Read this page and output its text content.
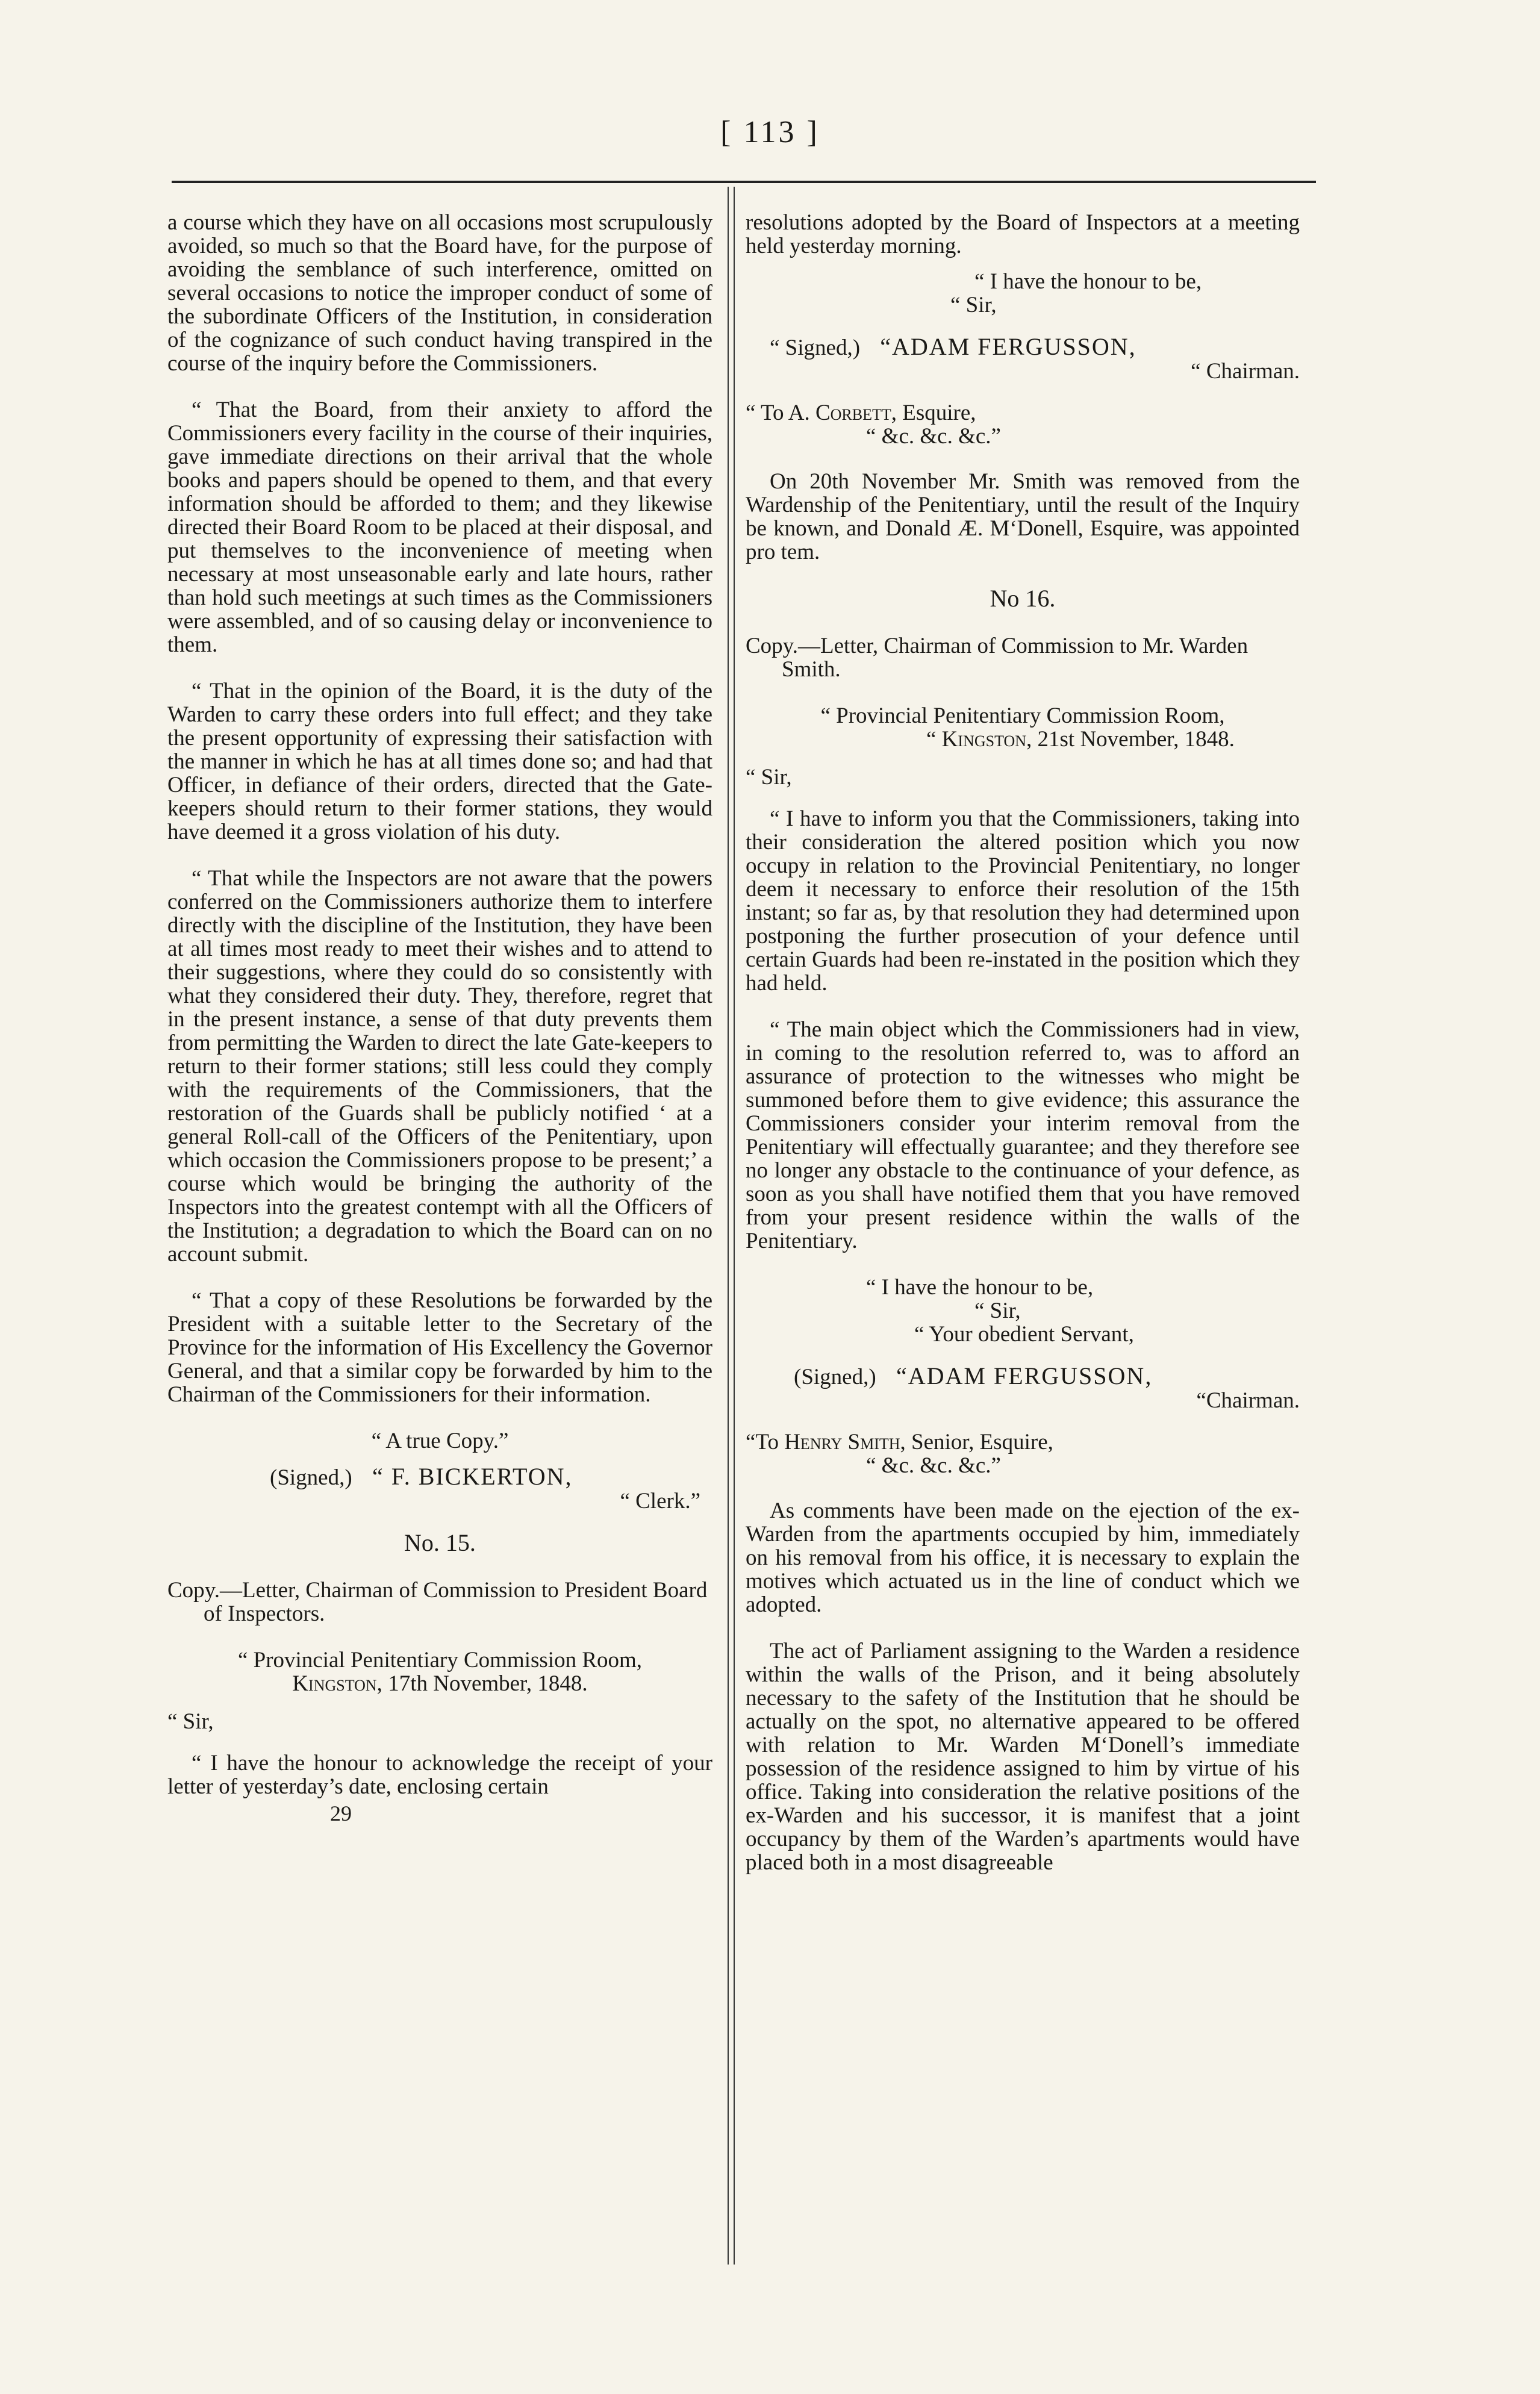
[ 113 ]

a course which they have on all occasions most scrupulously avoided, so much so that the Board have, for the purpose of avoiding the semblance of such interference, omitted on several occasions to notice the improper conduct of some of the subordinate Officers of the Institution, in consideration of the cognizance of such conduct having transpired in the course of the inquiry before the Commissioners.

“ That the Board, from their anxiety to afford the Commissioners every facility in the course of their inquiries, gave immediate directions on their arrival that the whole books and papers should be opened to them, and that every information should be afforded to them; and they likewise directed their Board Room to be placed at their disposal, and put themselves to the inconvenience of meeting when necessary at most unseasonable early and late hours, rather than hold such meetings at such times as the Commissioners were assembled, and of so causing delay or inconvenience to them.

“ That in the opinion of the Board, it is the duty of the Warden to carry these orders into full effect; and they take the present opportunity of expressing their satisfaction with the manner in which he has at all times done so; and had that Officer, in defiance of their orders, directed that the Gate-keepers should return to their former stations, they would have deemed it a gross violation of his duty.

“ That while the Inspectors are not aware that the powers conferred on the Commissioners authorize them to interfere directly with the discipline of the Institution, they have been at all times most ready to meet their wishes and to attend to their suggestions, where they could do so consistently with what they considered their duty. They, therefore, regret that in the present instance, a sense of that duty prevents them from permitting the Warden to direct the late Gate-keepers to return to their former stations; still less could they comply with the requirements of the Commissioners, that the restoration of the Guards shall be publicly notified ‘ at a general Roll-call of the Officers of the Penitentiary, upon which occasion the Commissioners propose to be present;’ a course which would be bringing the authority of the Inspectors into the greatest contempt with all the Officers of the Institution; a degradation to which the Board can on no account submit.

“ That a copy of these Resolutions be forwarded by the President with a suitable letter to the Secretary of the Province for the information of His Excellency the Governor General, and that a similar copy be forwarded by him to the Chairman of the Commissioners for their information.

“ A true Copy.”
(Signed,) “ F. BICKERTON,
“ Clerk.”
No. 15.

Copy.—Letter, Chairman of Commission to President Board of Inspectors.

“ Provincial Penitentiary Commission Room,
Kingston, 17th November, 1848.
“ Sir,

“ I have the honour to acknowledge the receipt of your letter of yesterday’s date, enclosing certain

29

resolutions adopted by the Board of Inspectors at a meeting held yesterday morning.

“ I have the honour to be,
“ Sir,
“ Signed,) “ADAM FERGUSSON,
“ Chairman.
“ To A. Corbett, Esquire,
“ &c. &c. &c.”

On 20th November Mr. Smith was removed from the Wardenship of the Penitentiary, until the result of the Inquiry be known, and Donald Æ. M‘Donell, Esquire, was appointed pro tem.

No 16.

Copy.—Letter, Chairman of Commission to Mr. Warden Smith.

“ Provincial Penitentiary Commission Room,
“ Kingston, 21st November, 1848.
“ Sir,

“ I have to inform you that the Commissioners, taking into their consideration the altered position which you now occupy in relation to the Provincial Penitentiary, no longer deem it necessary to enforce their resolution of the 15th instant; so far as, by that resolution they had determined upon postponing the further prosecution of your defence until certain Guards had been re-instated in the position which they had held.

“ The main object which the Commissioners had in view, in coming to the resolution referred to, was to afford an assurance of protection to the witnesses who might be summoned before them to give evidence; this assurance the Commissioners consider your interim removal from the Penitentiary will effectually guarantee; and they therefore see no longer any obstacle to the continuance of your defence, as soon as you shall have notified them that you have removed from your present residence within the walls of the Penitentiary.

“ I have the honour to be,
“ Sir,
“ Your obedient Servant,
(Signed,) “ADAM FERGUSSON,
“Chairman.
“To Henry Smith, Senior, Esquire,
“ &c. &c. &c.”

As comments have been made on the ejection of the ex-Warden from the apartments occupied by him, immediately on his removal from his office, it is necessary to explain the motives which actuated us in the line of conduct which we adopted.

The act of Parliament assigning to the Warden a residence within the walls of the Prison, and it being absolutely necessary to the safety of the Institution that he should be actually on the spot, no alternative appeared to be offered with relation to Mr. Warden M‘Donell’s immediate possession of the residence assigned to him by virtue of his office. Taking into consideration the relative positions of the ex-Warden and his successor, it is manifest that a joint occupancy by them of the Warden’s apartments would have placed both in a most disagreeable
